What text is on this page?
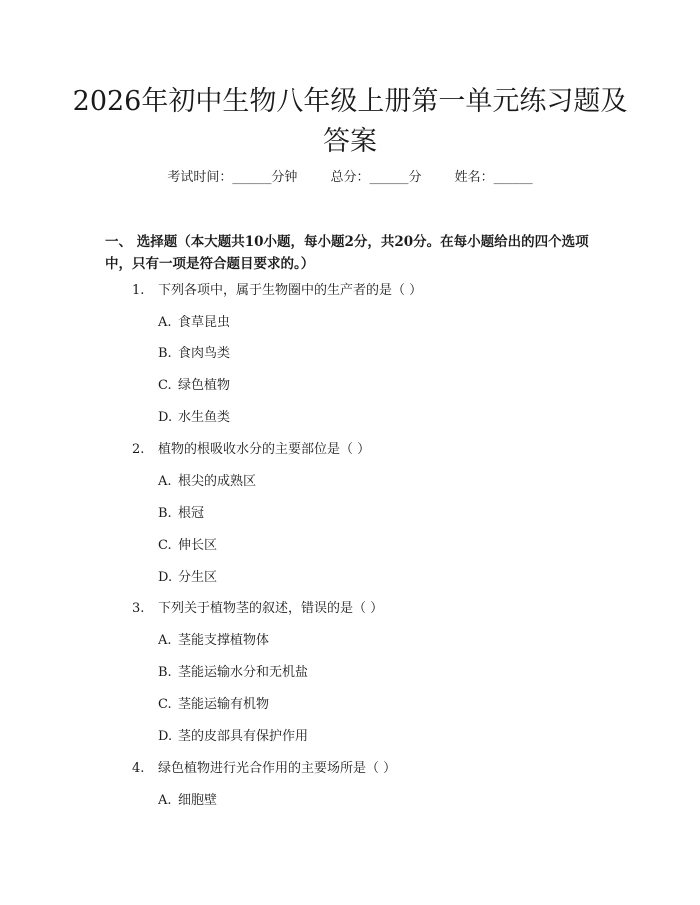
2026年初中生物八年级上册第一单元练习题及答案
考试时间：______分钟	总分：______分	姓名：______

一、 选择题（本大题共10小题，每小题2分，共20分。在每小题给出的四个选项中，只有一项是符合题目要求的。）

1. 下列各项中，属于生物圈中的生产者的是（ ）
A. 食草昆虫
B. 食肉鸟类
C. 绿色植物
D. 水生鱼类
2. 植物的根吸收水分的主要部位是（ ）
A. 根尖的成熟区
B. 根冠
C. 伸长区
D. 分生区
3. 下列关于植物茎的叙述，错误的是（ ）
A. 茎能支撑植物体
B. 茎能运输水分和无机盐
C. 茎能运输有机物
D. 茎的皮部具有保护作用
4. 绿色植物进行光合作用的主要场所是（ ）
A. 细胞壁
